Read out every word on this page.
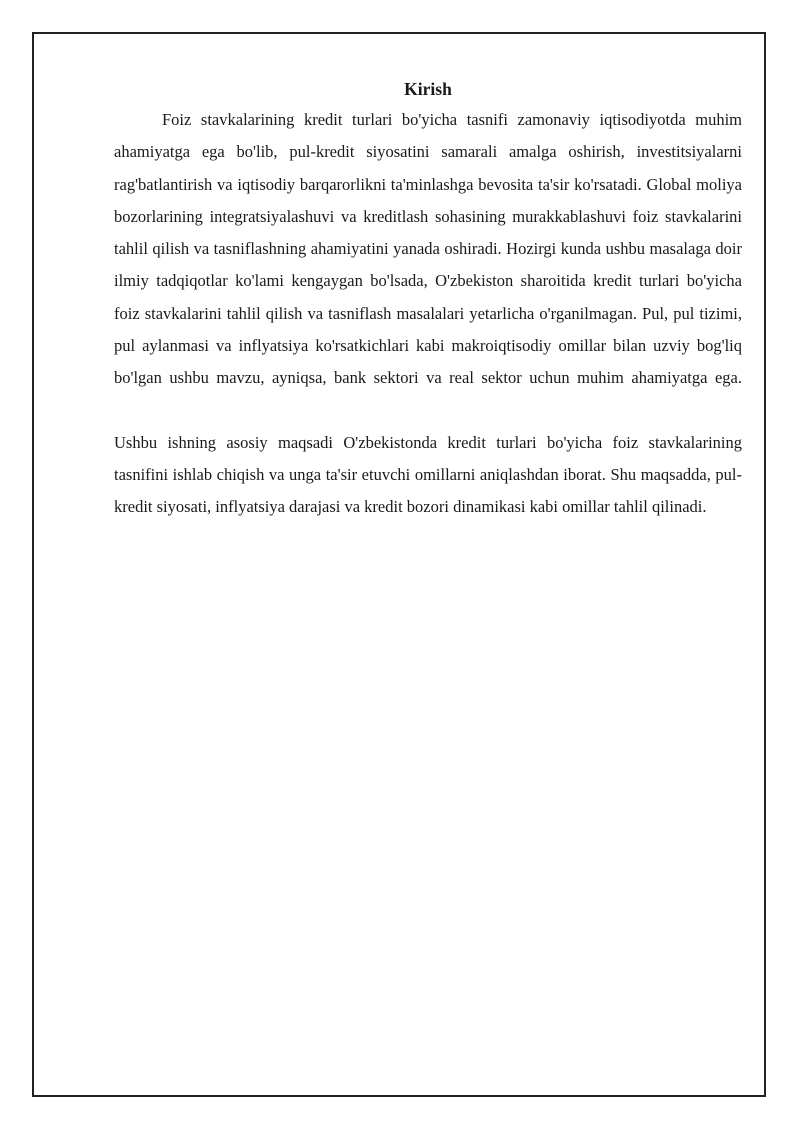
Kirish

Foiz stavkalarining kredit turlari bo'yicha tasnifi zamonaviy iqtisodiyotda muhim ahamiyatga ega bo'lib, pul-kredit siyosatini samarali amalga oshirish, investitsiyalarni rag'batlantirish va iqtisodiy barqarorlikni ta'minlashga bevosita ta'sir ko'rsatadi. Global moliya bozorlarining integratsiyalashuvi va kreditlash sohasining murakkablashuvi foiz stavkalarini tahlil qilish va tasniflashning ahamiyatini yanada oshiradi. Hozirgi kunda ushbu masalaga doir ilmiy tadqiqotlar ko'lami kengaygan bo'lsada, O'zbekiston sharoitida kredit turlari bo'yicha foiz stavkalarini tahlil qilish va tasniflash masalalari yetarlicha o'rganilmagan. Pul, pul tizimi, pul aylanmasi va inflyatsiya ko'rsatkichlari kabi makroiqtisodiy omillar bilan uzviy bog'liq bo'lgan ushbu mavzu, ayniqsa, bank sektori va real sektor uchun muhim ahamiyatga ega.

Ushbu ishning asosiy maqsadi O'zbekistonda kredit turlari bo'yicha foiz stavkalarining tasnifini ishlab chiqish va unga ta'sir etuvchi omillarni aniqlashdan iborat. Shu maqsadda, pul-kredit siyosati, inflyatsiya darajasi va kredit bozori dinamikasi kabi omillar tahlil qilinadi.
